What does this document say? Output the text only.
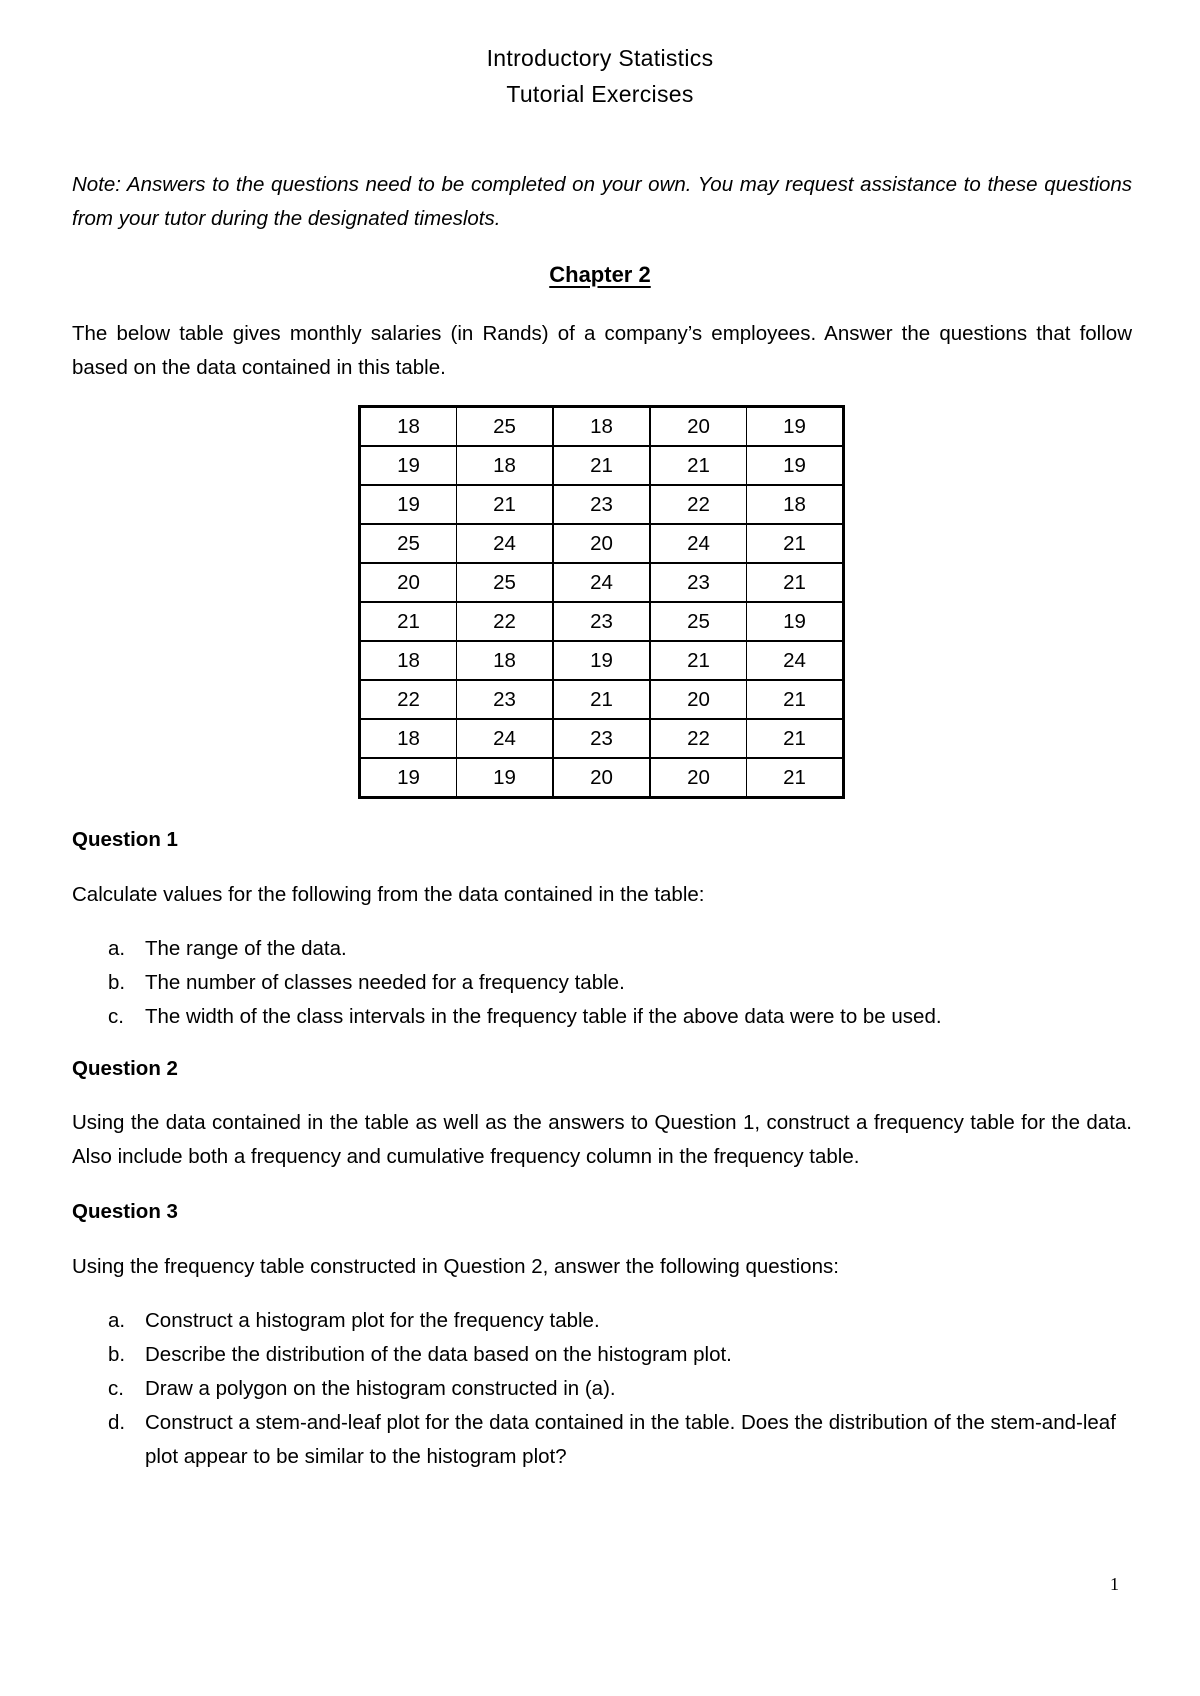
Introductory Statistics
Tutorial Exercises
Note: Answers to the questions need to be completed on your own. You may request assistance to these questions from your tutor during the designated timeslots.
Chapter 2
The below table gives monthly salaries (in Rands) of a company’s employees. Answer the questions that follow based on the data contained in this table.
18	25	18	20	19
19	18	21	21	19
19	21	23	22	18
25	24	20	24	21
20	25	24	23	21
21	22	23	25	19
18	18	19	21	24
22	23	21	20	21
18	24	23	22	21
19	19	20	20	21
Question 1
Calculate values for the following from the data contained in the table:
a. The range of the data.
b. The number of classes needed for a frequency table.
c. The width of the class intervals in the frequency table if the above data were to be used.
Question 2
Using the data contained in the table as well as the answers to Question 1, construct a frequency table for the data. Also include both a frequency and cumulative frequency column in the frequency table.
Question 3
Using the frequency table constructed in Question 2, answer the following questions:
a. Construct a histogram plot for the frequency table.
b. Describe the distribution of the data based on the histogram plot.
c. Draw a polygon on the histogram constructed in (a).
d. Construct a stem-and-leaf plot for the data contained in the table. Does the distribution of the stem-and-leaf plot appear to be similar to the histogram plot?
1
